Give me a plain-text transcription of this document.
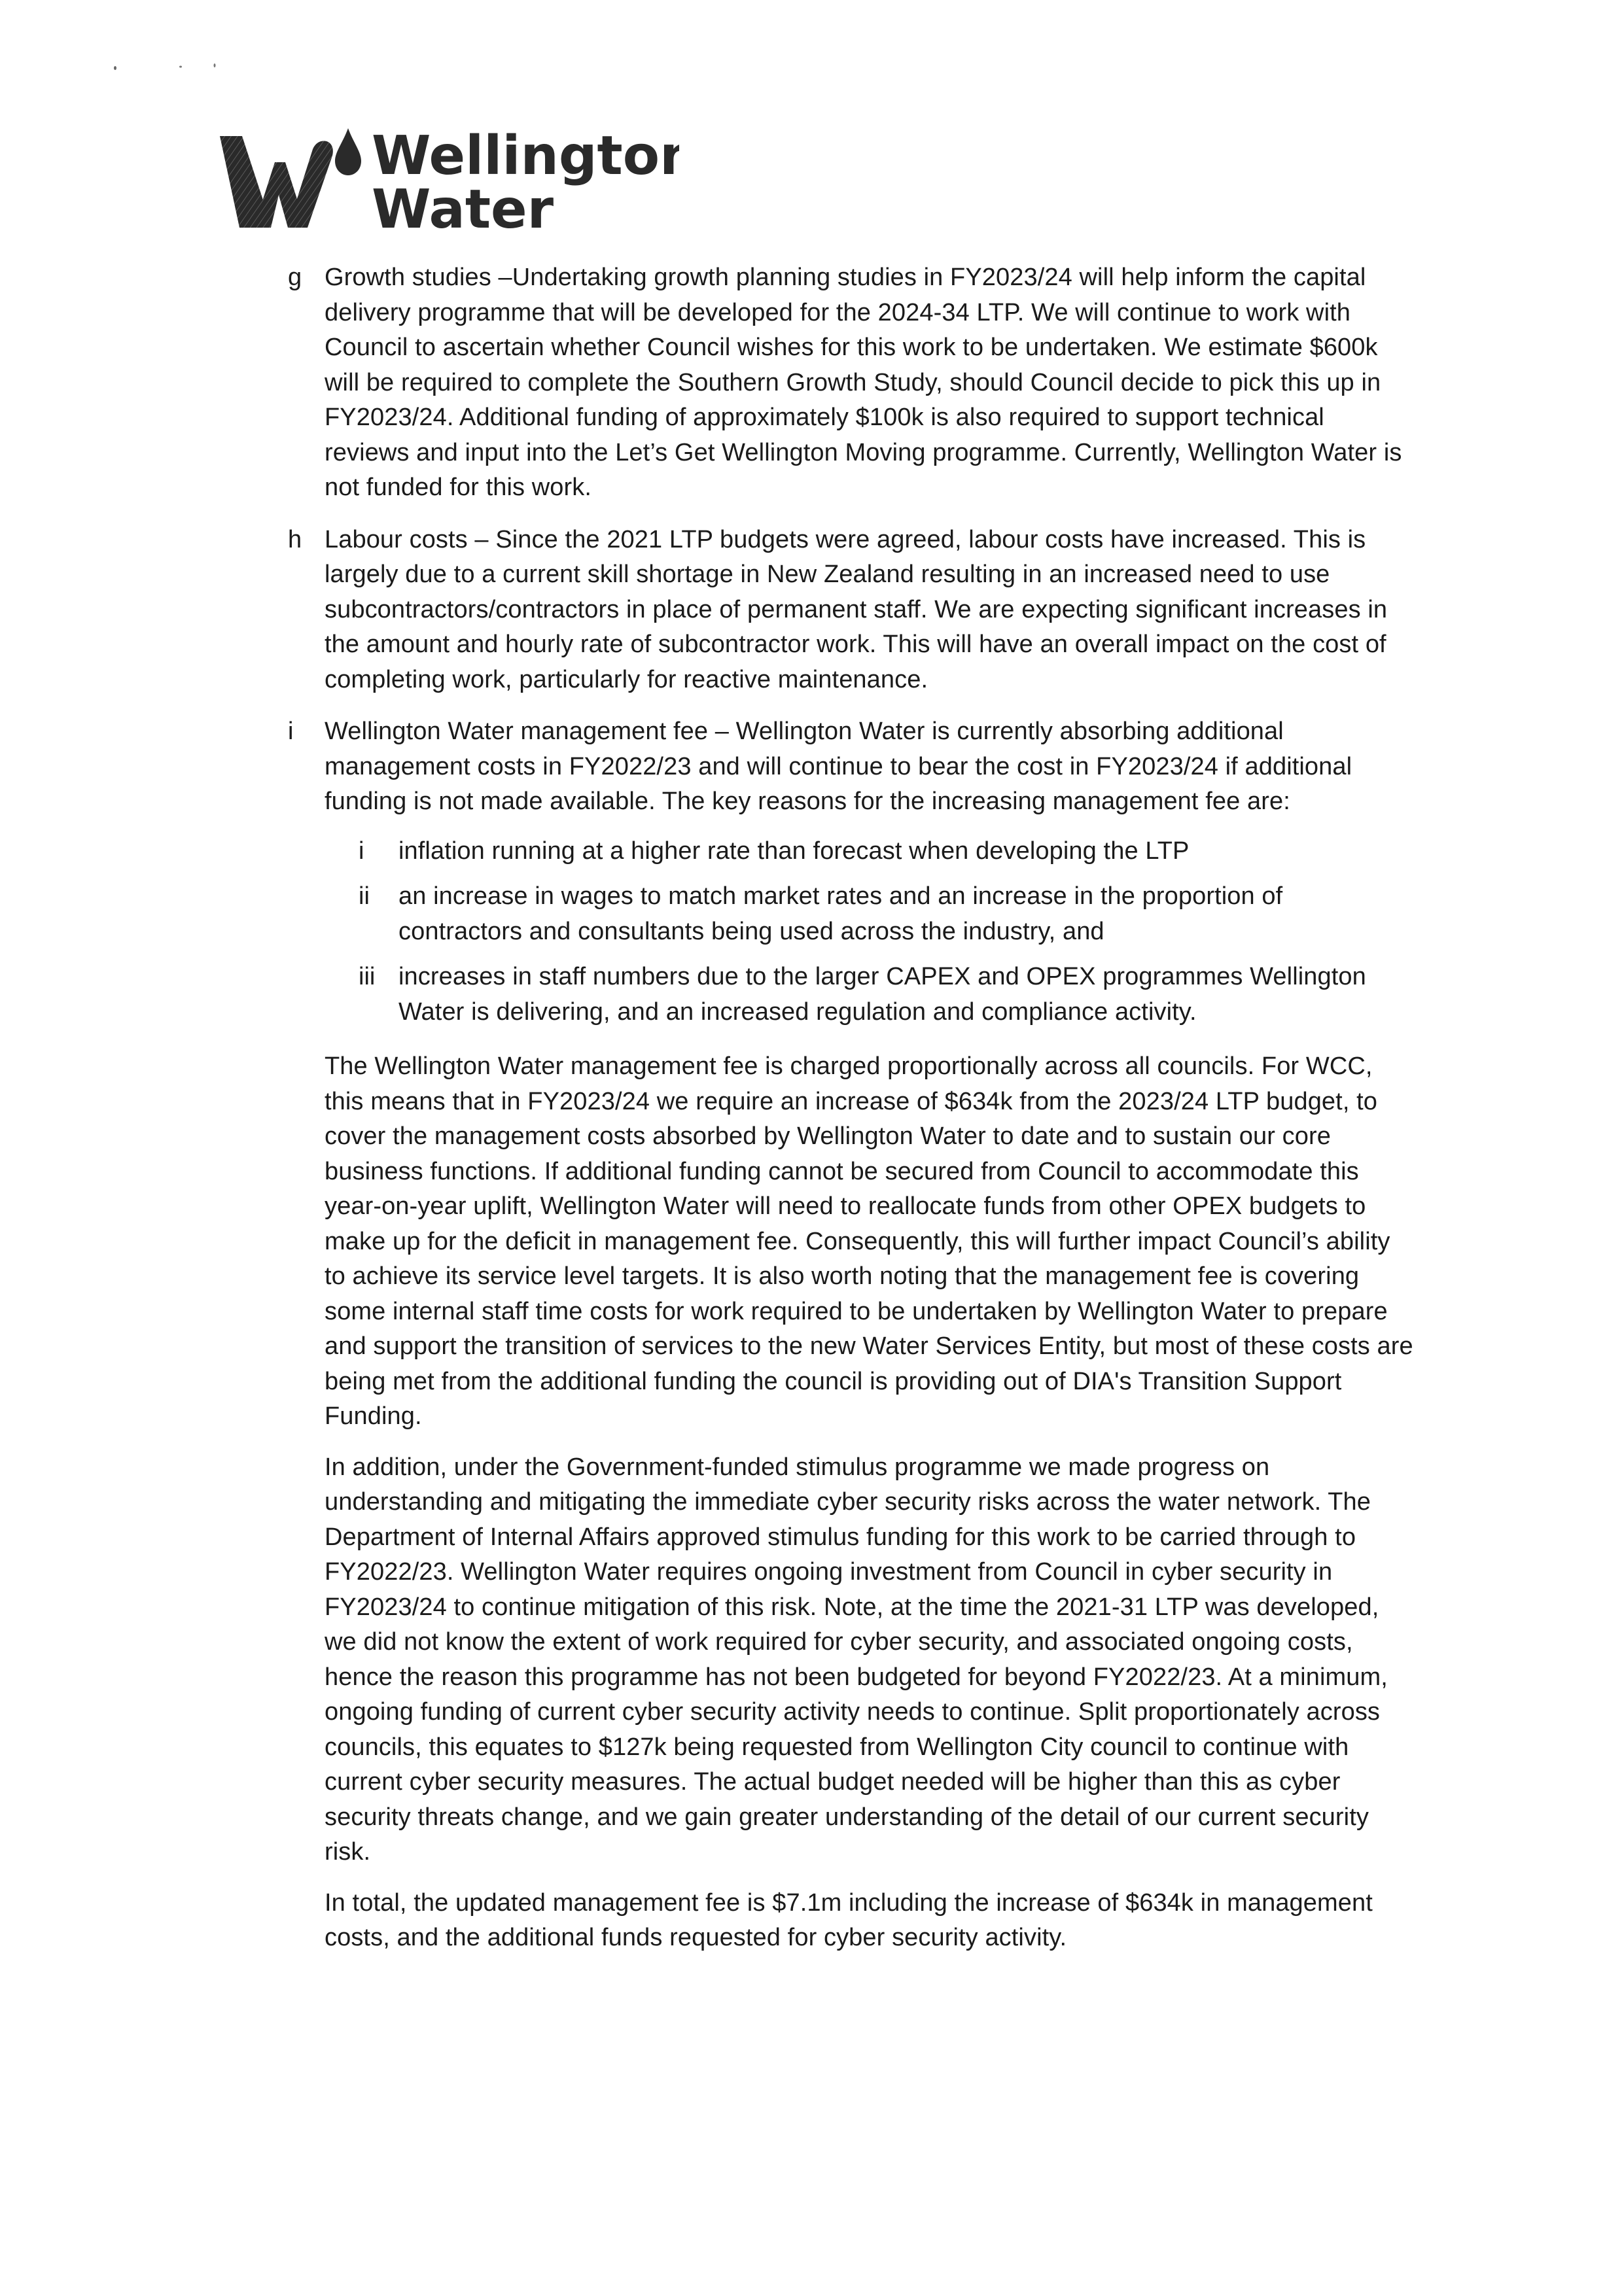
Wellington
Water
g Growth studies –Undertaking growth planning studies in FY2023/24 will help inform the capital delivery programme that will be developed for the 2024-34 LTP. We will continue to work with Council to ascertain whether Council wishes for this work to be undertaken. We estimate $600k will be required to complete the Southern Growth Study, should Council decide to pick this up in FY2023/24. Additional funding of approximately $100k is also required to support technical reviews and input into the Let’s Get Wellington Moving programme. Currently, Wellington Water is not funded for this work.

h Labour costs – Since the 2021 LTP budgets were agreed, labour costs have increased. This is largely due to a current skill shortage in New Zealand resulting in an increased need to use subcontractors/contractors in place of permanent staff. We are expecting significant increases in the amount and hourly rate of subcontractor work. This will have an overall impact on the cost of completing work, particularly for reactive maintenance.

i Wellington Water management fee – Wellington Water is currently absorbing additional management costs in FY2022/23 and will continue to bear the cost in FY2023/24 if additional funding is not made available. The key reasons for the increasing management fee are:

i inflation running at a higher rate than forecast when developing the LTP

ii an increase in wages to match market rates and an increase in the proportion of contractors and consultants being used across the industry, and

iii increases in staff numbers due to the larger CAPEX and OPEX programmes Wellington Water is delivering, and an increased regulation and compliance activity.

The Wellington Water management fee is charged proportionally across all councils. For WCC, this means that in FY2023/24 we require an increase of $634k from the 2023/24 LTP budget, to cover the management costs absorbed by Wellington Water to date and to sustain our core business functions. If additional funding cannot be secured from Council to accommodate this year-on-year uplift, Wellington Water will need to reallocate funds from other OPEX budgets to make up for the deficit in management fee. Consequently, this will further impact Council’s ability to achieve its service level targets. It is also worth noting that the management fee is covering some internal staff time costs for work required to be undertaken by Wellington Water to prepare and support the transition of services to the new Water Services Entity, but most of these costs are being met from the additional funding the council is providing out of DIA's Transition Support Funding.

In addition, under the Government-funded stimulus programme we made progress on understanding and mitigating the immediate cyber security risks across the water network. The Department of Internal Affairs approved stimulus funding for this work to be carried through to FY2022/23. Wellington Water requires ongoing investment from Council in cyber security in FY2023/24 to continue mitigation of this risk. Note, at the time the 2021-31 LTP was developed, we did not know the extent of work required for cyber security, and associated ongoing costs, hence the reason this programme has not been budgeted for beyond FY2022/23. At a minimum, ongoing funding of current cyber security activity needs to continue. Split proportionately across councils, this equates to $127k being requested from Wellington City council to continue with current cyber security measures. The actual budget needed will be higher than this as cyber security threats change, and we gain greater understanding of the detail of our current security risk.

In total, the updated management fee is $7.1m including the increase of $634k in management costs, and the additional funds requested for cyber security activity.
